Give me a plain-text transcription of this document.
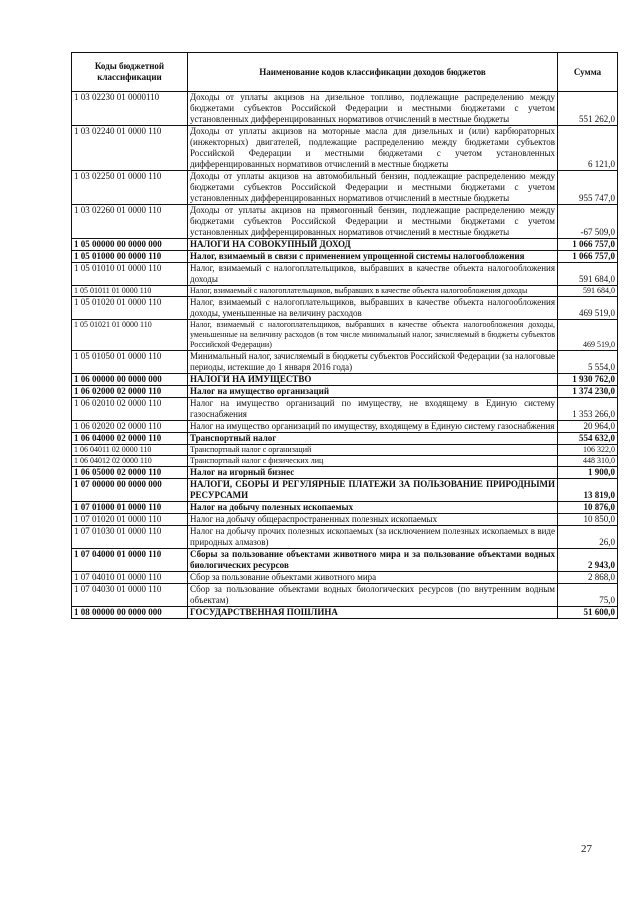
Коды бюджетной классификации	Наименование кодов классификации доходов бюджетов	Сумма
1 03 02230 01 0000110	Доходы от уплаты акцизов на дизельное топливо, подлежащие распределению между бюджетами субъектов Российской Федерации и местными бюджетами с учетом установленных дифференцированных нормативов отчислений в местные бюджеты	551 262,0
1 03 02240 01 0000 110	Доходы от уплаты акцизов на моторные масла для дизельных и (или) карбюраторных (инжекторных) двигателей, подлежащие распределению между бюджетами субъектов Российской Федерации и местными бюджетами с учетом установленных дифференцированных нормативов отчислений в местные бюджеты	6 121,0
1 03 02250 01 0000 110	Доходы от уплаты акцизов на автомобильный бензин, подлежащие распределению между бюджетами субъектов Российской Федерации и местными бюджетами с учетом установленных дифференцированных нормативов отчислений в местные бюджеты	955 747,0
1 03 02260 01 0000 110	Доходы от уплаты акцизов на прямогонный бензин, подлежащие распределению между бюджетами субъектов Российской Федерации и местными бюджетами с учетом установленных дифференцированных нормативов отчислений в местные бюджеты	-67 509,0
1 05 00000 00 0000 000	НАЛОГИ НА СОВОКУПНЫЙ ДОХОД	1 066 757,0
1 05 01000 00 0000 110	Налог, взимаемый в связи с применением упрощенной системы налогообложения	1 066 757,0
1 05 01010 01 0000 110	Налог, взимаемый с налогоплательщиков, выбравших в качестве объекта налогообложения доходы	591 684,0
1 05 01011 01 0000 110	Налог, взимаемый с налогоплательщиков, выбравших в качестве объекта налогообложения доходы	591 684,0
1 05 01020 01 0000 110	Налог, взимаемый с налогоплательщиков, выбравших в качестве объекта налогообложения доходы, уменьшенные на величину расходов	469 519,0
1 05 01021 01 0000 110	Налог, взимаемый с налогоплательщиков, выбравших в качестве объекта налогообложения доходы, уменьшенные на величину расходов (в том числе минимальный налог, зачисляемый в бюджеты субъектов Российской Федерации)	469 519,0
1 05 01050 01 0000 110	Минимальный налог, зачисляемый в бюджеты субъектов Российской Федерации (за налоговые периоды, истекшие до 1 января 2016 года)	5 554,0
1 06 00000 00 0000 000	НАЛОГИ НА ИМУЩЕСТВО	1 930 762,0
1 06 02000 02 0000 110	Налог на имущество организаций	1 374 230,0
1 06 02010 02 0000 110	Налог на имущество организаций по имуществу, не входящему в Единую систему газоснабжения	1 353 266,0
1 06 02020 02 0000 110	Налог на имущество организаций по имуществу, входящему в Единую систему газоснабжения	20 964,0
1 06 04000 02 0000 110	Транспортный налог	554 632,0
1 06 04011 02 0000 110	Транспортный налог с организаций	106 322,0
1 06 04012 02 0000 110	Транспортный налог с физических лиц	448 310,0
1 06 05000 02 0000 110	Налог на игорный бизнес	1 900,0
1 07 00000 00 0000 000	НАЛОГИ, СБОРЫ И РЕГУЛЯРНЫЕ ПЛАТЕЖИ ЗА ПОЛЬЗОВАНИЕ ПРИРОДНЫМИ РЕСУРСАМИ	13 819,0
1 07 01000 01 0000 110	Налог на добычу полезных ископаемых	10 876,0
1 07 01020 01 0000 110	Налог на добычу общераспространенных полезных ископаемых	10 850,0
1 07 01030 01 0000 110	Налог на добычу прочих полезных ископаемых (за исключением полезных ископаемых в виде природных алмазов)	26,0
1 07 04000 01 0000 110	Сборы за пользование объектами животного мира и за пользование объектами водных биологических ресурсов	2 943,0
1 07 04010 01 0000 110	Сбор за пользование объектами животного мира	2 868,0
1 07 04030 01 0000 110	Сбор за пользование объектами водных биологических ресурсов (по внутренним водным объектам)	75,0
1 08 00000 00 0000 000	ГОСУДАРСТВЕННАЯ ПОШЛИНА	51 600,0
27
